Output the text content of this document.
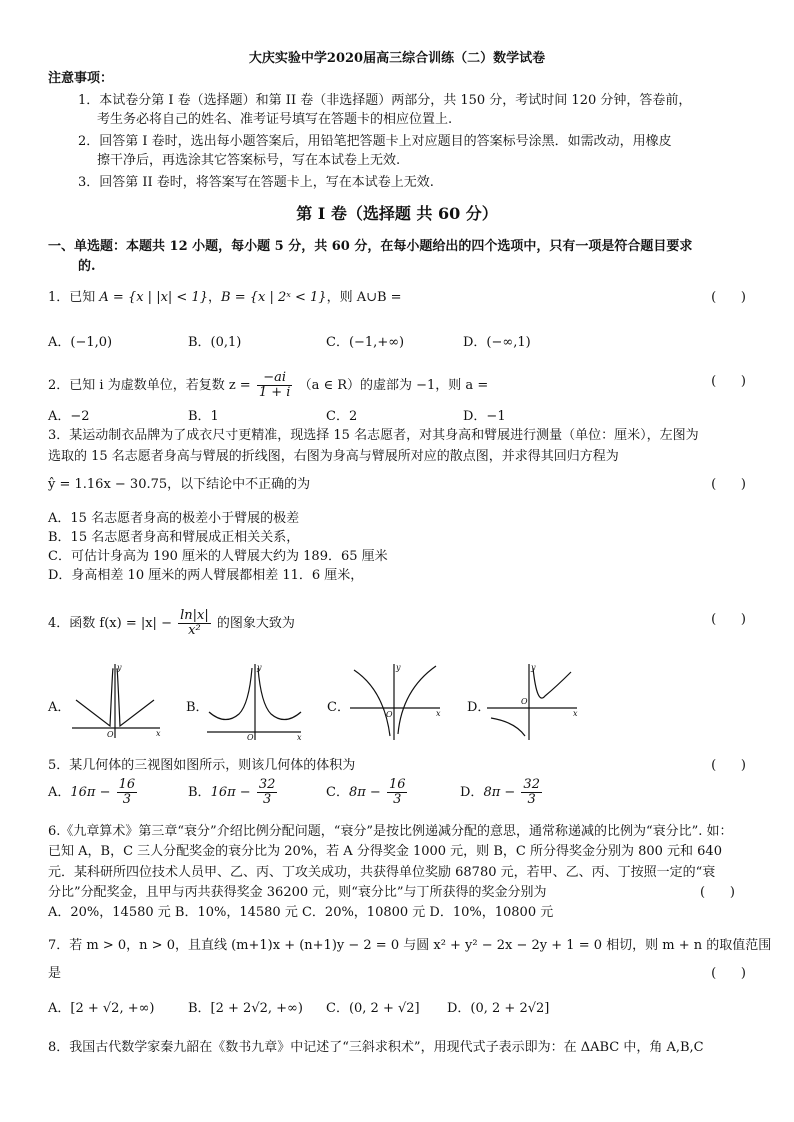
大庆实验中学2020届高三综合训练（二）数学试卷
注意事项：
1．本试卷分第 I 卷（选择题）和第 II 卷（非选择题）两部分，共 150 分，考试时间 120 分钟，答卷前，
考生务必将自己的姓名、准考证号填写在答题卡的相应位置上.
2．回答第 I 卷时，选出每小题答案后，用铅笔把答题卡上对应题目的答案标号涂黑．如需改动，用橡皮
擦干净后，再选涂其它答案标号，写在本试卷上无效.
3．回答第 II 卷时，将答案写在答题卡上，写在本试卷上无效.
第 I 卷（选择题 共 60 分）
一、单选题：本题共 12 小题，每小题 5 分，共 60 分，在每小题给出的四个选项中，只有一项是符合题目要求
的.
1．已知 A = {x | |x| < 1}，B = {x | 2ˣ < 1}，则 A∪B =	(      )
A．(−1,0)	B．(0,1)	C．(−1,+∞)	D．(−∞,1)
2．已知 i 为虚数单位，若复数 $z = \frac{-ai}{1 + i} (a$ ∈ R）的虚部为 −1，则 a =	(      )
A．−2	B．1	C．2	D．−1
3．某运动制衣品牌为了成衣尺寸更精准，现选择 15 名志愿者，对其身高和臂展进行测量（单位：厘米），左图为
选取的 15 名志愿者身高与臂展的折线图，右图为身高与臂展所对应的散点图，并求得其回归方程为
ŷ = 1.16x − 30.75，以下结论中不正确的为	(      )
A．15 名志愿者身高的极差小于臂展的极差
B．15 名志愿者身高和臂展成正相关关系，
C．可估计身高为 190 厘米的人臂展大约为 189．65 厘米
D．身高相差 10 厘米的两人臂展都相差 11．6 厘米，
4．函数 $f(x) = |x| - \frac{\ln|x|}{\text{x²}}$ 的图象大致为	(      )
A．
x
y
O
B．
x
y
O
C．	x
y
O	D．	x
y
O
5．某几何体的三视图如图所示，则该几何体的体积为	(      )
A．$16\pi - \frac{16}{3}$	B．$16\pi - \frac{32}{3}$	C．$8\pi - \frac{16}{3}$	D．$8\pi - \frac{32}{3}$
6.《九章算术》第三章“衰分”介绍比例分配问题，“衰分”是按比例递减分配的意思，通常称递减的比例为“衰分比”. 如：
已知 A，B，C 三人分配奖金的衰分比为 20%，若 A 分得奖金 1000 元，则 B，C 所分得奖金分别为 800 元和 640
元．某科研所四位技术人员甲、乙、丙、丁攻关成功，共获得单位奖励 68780 元，若甲、乙、丙、丁按照一定的“衰
分比”分配奖金，且甲与丙共获得奖金 36200 元，则“衰分比”与丁所获得的奖金分别为	(      )
A．20%，14580 元 B．10%，14580 元 C．20%，10800 元 D．10%，10800 元
7．若 m > 0，n > 0，且直线 (m+1)x + (n+1)y − 2 = 0 与圆 x² + y² − 2x − 2y + 1 = 0 相切，则 m + n 的取值范围
是	(      )
A．[2 + √2, +∞)	B．[2 + 2√2, +∞) C．(0, 2 + √2] D．(0, 2 + 2√2]
8．我国古代数学家秦九韶在《数书九章》中记述了“三斜求积术”，用现代式子表示即为：在 ΔABC 中，角 A,B,C
